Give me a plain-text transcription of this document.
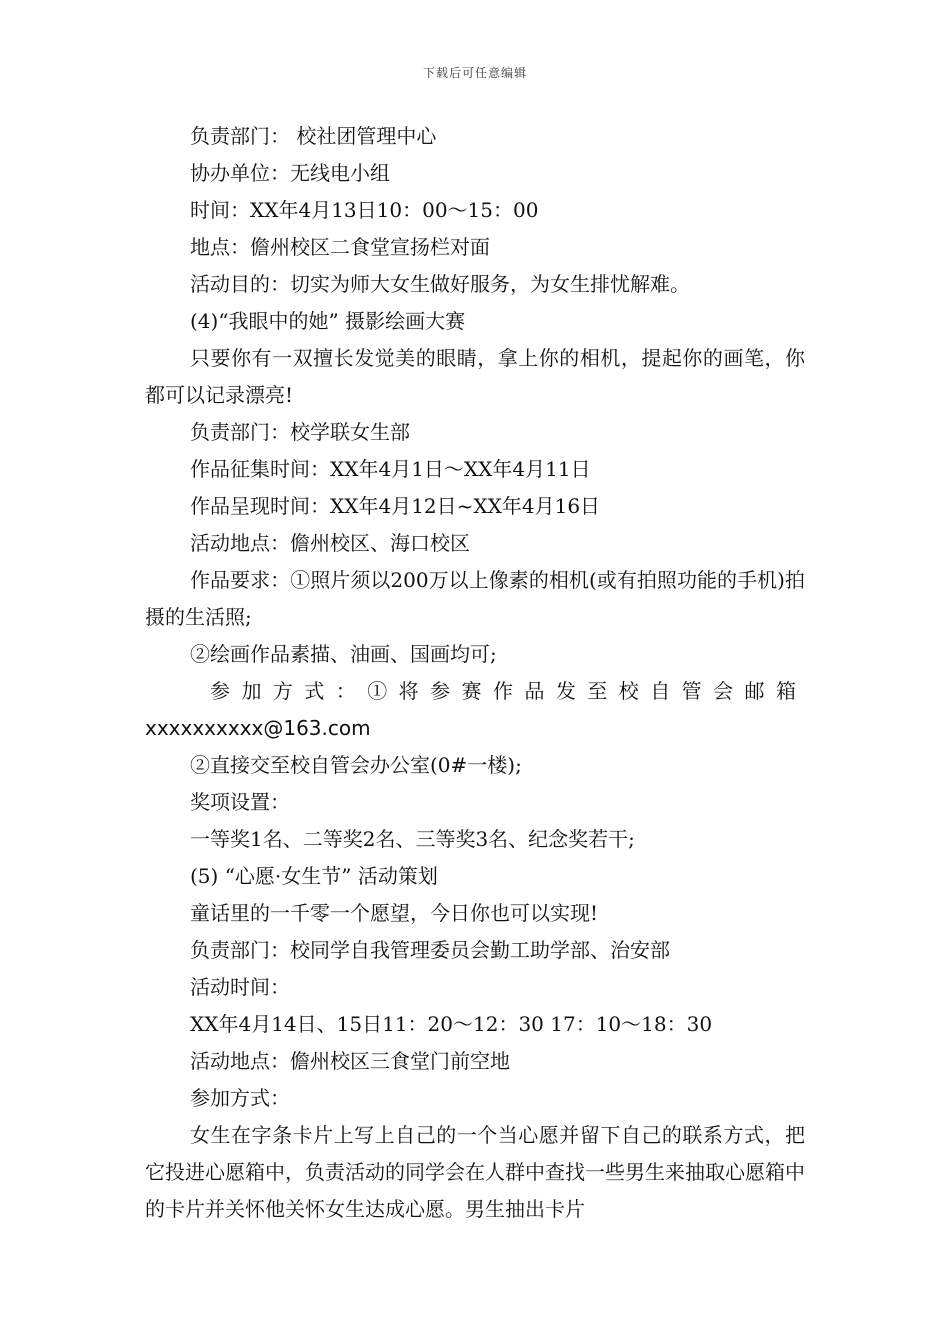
下载后可任意编辑

负责部门： 校社团管理中心

协办单位：无线电小组

时间：XX年4月13日10：00～15：00

地点：儋州校区二食堂宣扬栏对面

活动目的：切实为师大女生做好服务，为女生排忧解难。

(4)“我眼中的她” 摄影绘画大赛

只要你有一双擅长发觉美的眼睛，拿上你的相机，提起你的画笔，你都可以记录漂亮!

负责部门：校学联女生部

作品征集时间：XX年4月1日～XX年4月11日

作品呈现时间：XX年4月12日~XX年4月16日

活动地点：儋州校区、海口校区

作品要求：①照片须以200万以上像素的相机(或有拍照功能的手机)拍摄的生活照;

②绘画作品素描、油画、国画均可;

参加方式：①将参赛作品发至校自管会邮箱

xxxxxxxxxx@163.com

②直接交至校自管会办公室(0#一楼);

奖项设置：

一等奖1名、二等奖2名、三等奖3名、纪念奖若干;

(5) “心愿·女生节” 活动策划

童话里的一千零一个愿望，今日你也可以实现!

负责部门：校同学自我管理委员会勤工助学部、治安部

活动时间：

XX年4月14日、15日11：20～12：30 17：10～18：30

活动地点：儋州校区三食堂门前空地

参加方式：

女生在字条卡片上写上自己的一个当心愿并留下自己的联系方式，把它投进心愿箱中，负责活动的同学会在人群中查找一些男生来抽取心愿箱中的卡片并关怀他关怀女生达成心愿。男生抽出卡片
